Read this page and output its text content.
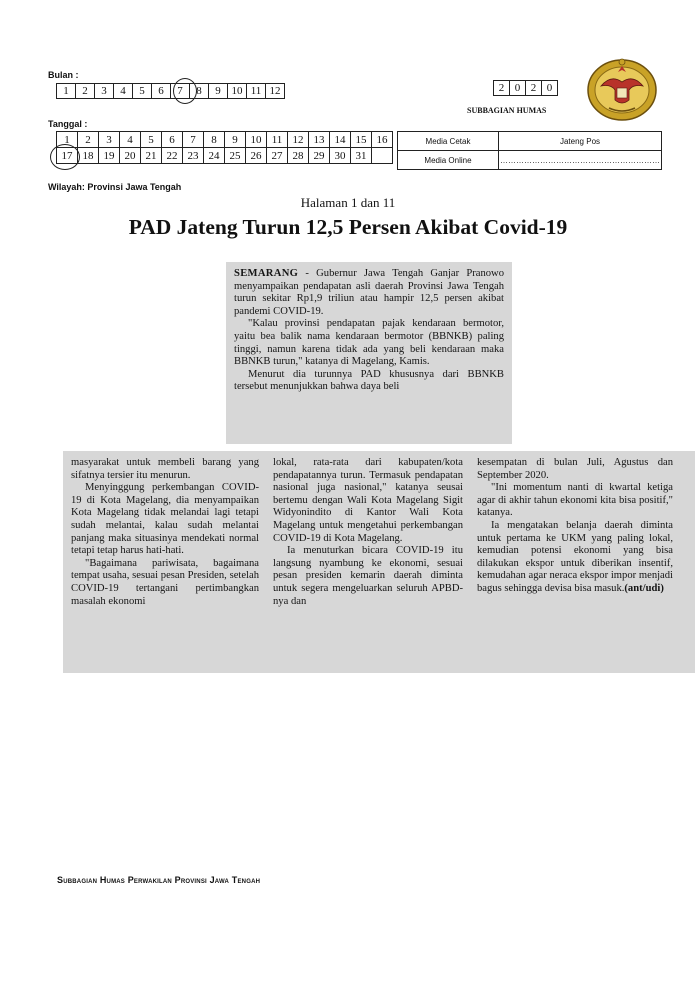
Bulan :
1	2	3	4	5	6	7	8	9	10	11	12	2	0	2	0
SUBBAGIAN HUMAS
Tanggal :
1	2	3	4	5	6	7	8	9	10	11	12	13	14	15	16
17	18	19	20	21	22	23	24	25	26	27	28	29	30	31	
Media Cetak	Jateng Pos
Media Online	……………………………………………………
Wilayah: Provinsi Jawa Tengah
Halaman 1 dan 11
PAD Jateng Turun 12,5 Persen Akibat Covid-19

SEMARANG - Gubernur Jawa Tengah Ganjar Pranowo menyampaikan pendapatan asli daerah Provinsi Jawa Tengah turun sekitar Rp1,9 triliun atau hampir 12,5 persen akibat pandemi COVID-19.

"Kalau provinsi pendapatan pajak kendaraan bermotor, yaitu bea balik nama kendaraan bermotor (BBNKB) paling tinggi, namun karena tidak ada yang beli kendaraan maka BBNKB turun," katanya di Magelang, Kamis.

Menurut dia turunnya PAD khususnya dari BBNKB tersebut menunjukkan bahwa daya beli

masyarakat untuk membeli barang yang sifatnya tersier itu menurun.

Menyinggung perkembangan COVID-19 di Kota Magelang, dia menyampaikan Kota Magelang tidak melandai lagi tetapi sudah melantai, kalau sudah melantai panjang maka situasinya mendekati normal tetapi tetap harus hati-hati.

"Bagaimana pariwisata, bagaimana tempat usaha, sesuai pesan Presiden, setelah COVID-19 tertangani pertimbangkan masalah ekonomi

lokal, rata-rata dari kabupaten/kota pendapatannya turun. Termasuk pendapatan nasional juga nasional," katanya seusai bertemu dengan Wali Kota Magelang Sigit Widyonindito di Kantor Wali Kota Magelang untuk mengetahui perkembangan COVID-19 di Kota Magelang.

Ia menuturkan bicara COVID-19 itu langsung nyambung ke ekonomi, sesuai pesan presiden kemarin daerah diminta untuk segera mengeluarkan seluruh APBD-nya dan

kesempatan di bulan Juli, Agustus dan September 2020.

"Ini momentum nanti di kwartal ketiga agar di akhir tahun ekonomi kita bisa positif," katanya.

Ia mengatakan belanja daerah diminta untuk pertama ke UKM yang paling lokal, kemudian potensi ekonomi yang bisa dilakukan ekspor untuk diberikan insentif, kemudahan agar neraca ekspor impor menjadi bagus sehingga devisa bisa masuk.(ant/udi)

Subbagian Humas Perwakilan Provinsi Jawa Tengah
